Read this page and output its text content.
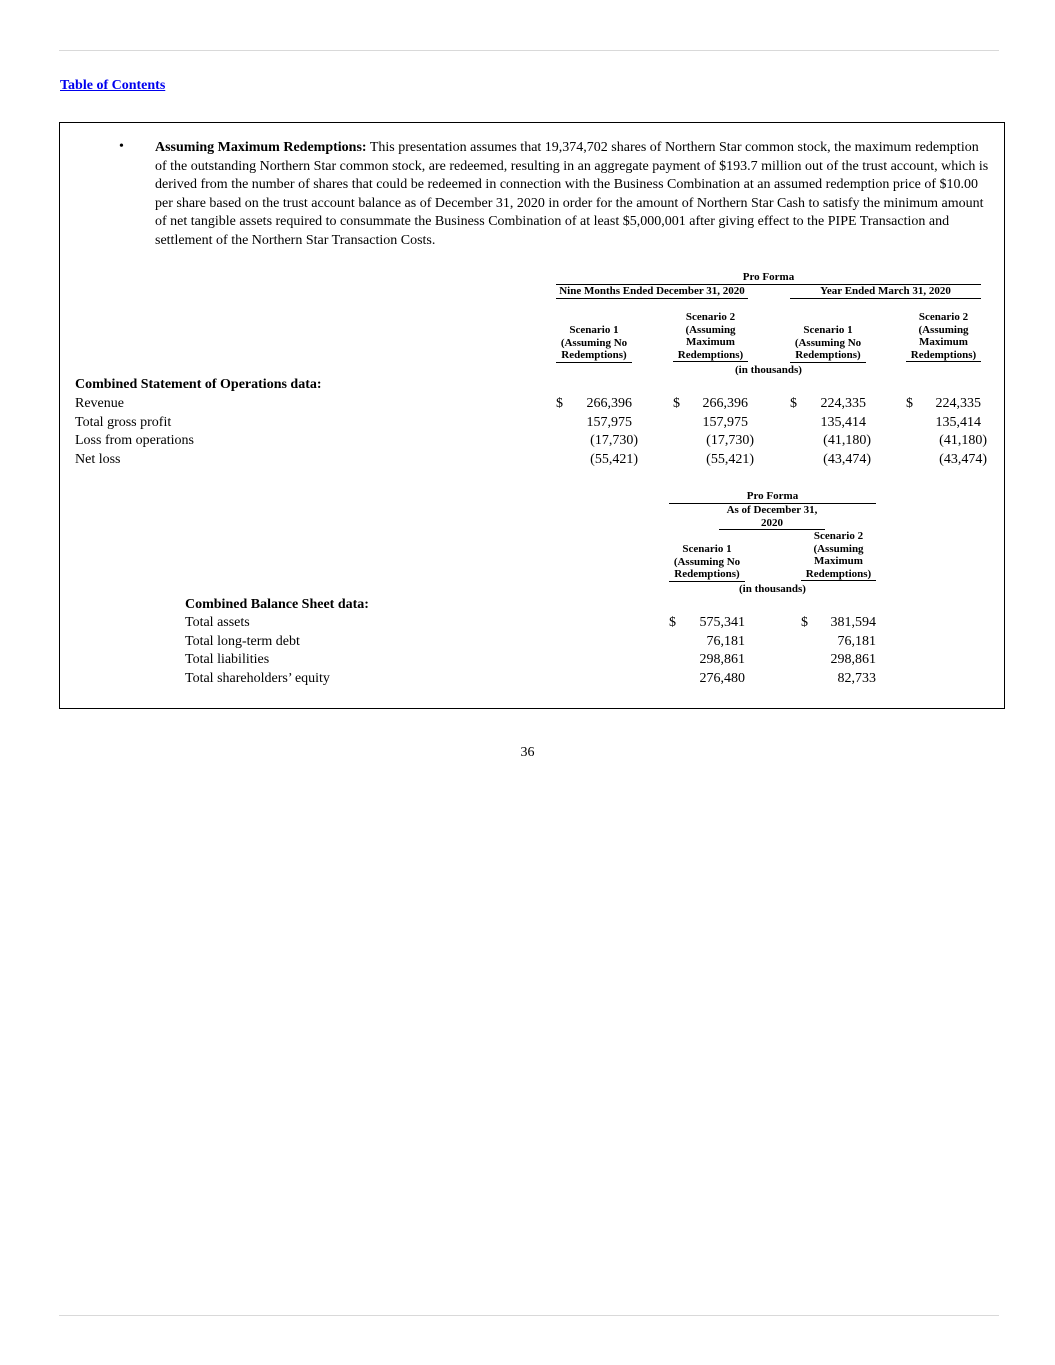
Table of Contents
• Assuming Maximum Redemptions: This presentation assumes that 19,374,702 shares of Northern Star common stock, the maximum redemption of the outstanding Northern Star common stock, are redeemed, resulting in an aggregate payment of $193.7 million out of the trust account, which is derived from the number of shares that could be redeemed in connection with the Business Combination at an assumed redemption price of $10.00 per share based on the trust account balance as of December 31, 2020 in order for the amount of Northern Star Cash to satisfy the minimum amount of net tangible assets required to consummate the Business Combination of at least $5,000,001 after giving effect to the PIPE Transaction and settlement of the Northern Star Transaction Costs.
Pro Forma
Nine Months Ended December 31, 2020	Year Ended March 31, 2020
Scenario 1 (Assuming No Redemptions)
Scenario 2 (Assuming Maximum Redemptions)
Scenario 1 (Assuming No Redemptions)
Scenario 2 (Assuming Maximum Redemptions)
(in thousands)
Combined Statement of Operations data:
Revenue	$ 266,396	$ 266,396	$ 224,335	$ 224,335
Total gross profit	157,975	157,975	135,414	135,414
Loss from operations	(17,730)	(17,730)	(41,180)	(41,180)
Net loss	(55,421)	(55,421)	(43,474)	(43,474)
Pro Forma
As of December 31, 2020
Scenario 1 (Assuming No Redemptions)
Scenario 2 (Assuming Maximum Redemptions)
(in thousands)
Combined Balance Sheet data:
Total assets	$ 575,341	$ 381,594
Total long-term debt	76,181	76,181
Total liabilities	298,861	298,861
Total shareholders’ equity	276,480	82,733
36
